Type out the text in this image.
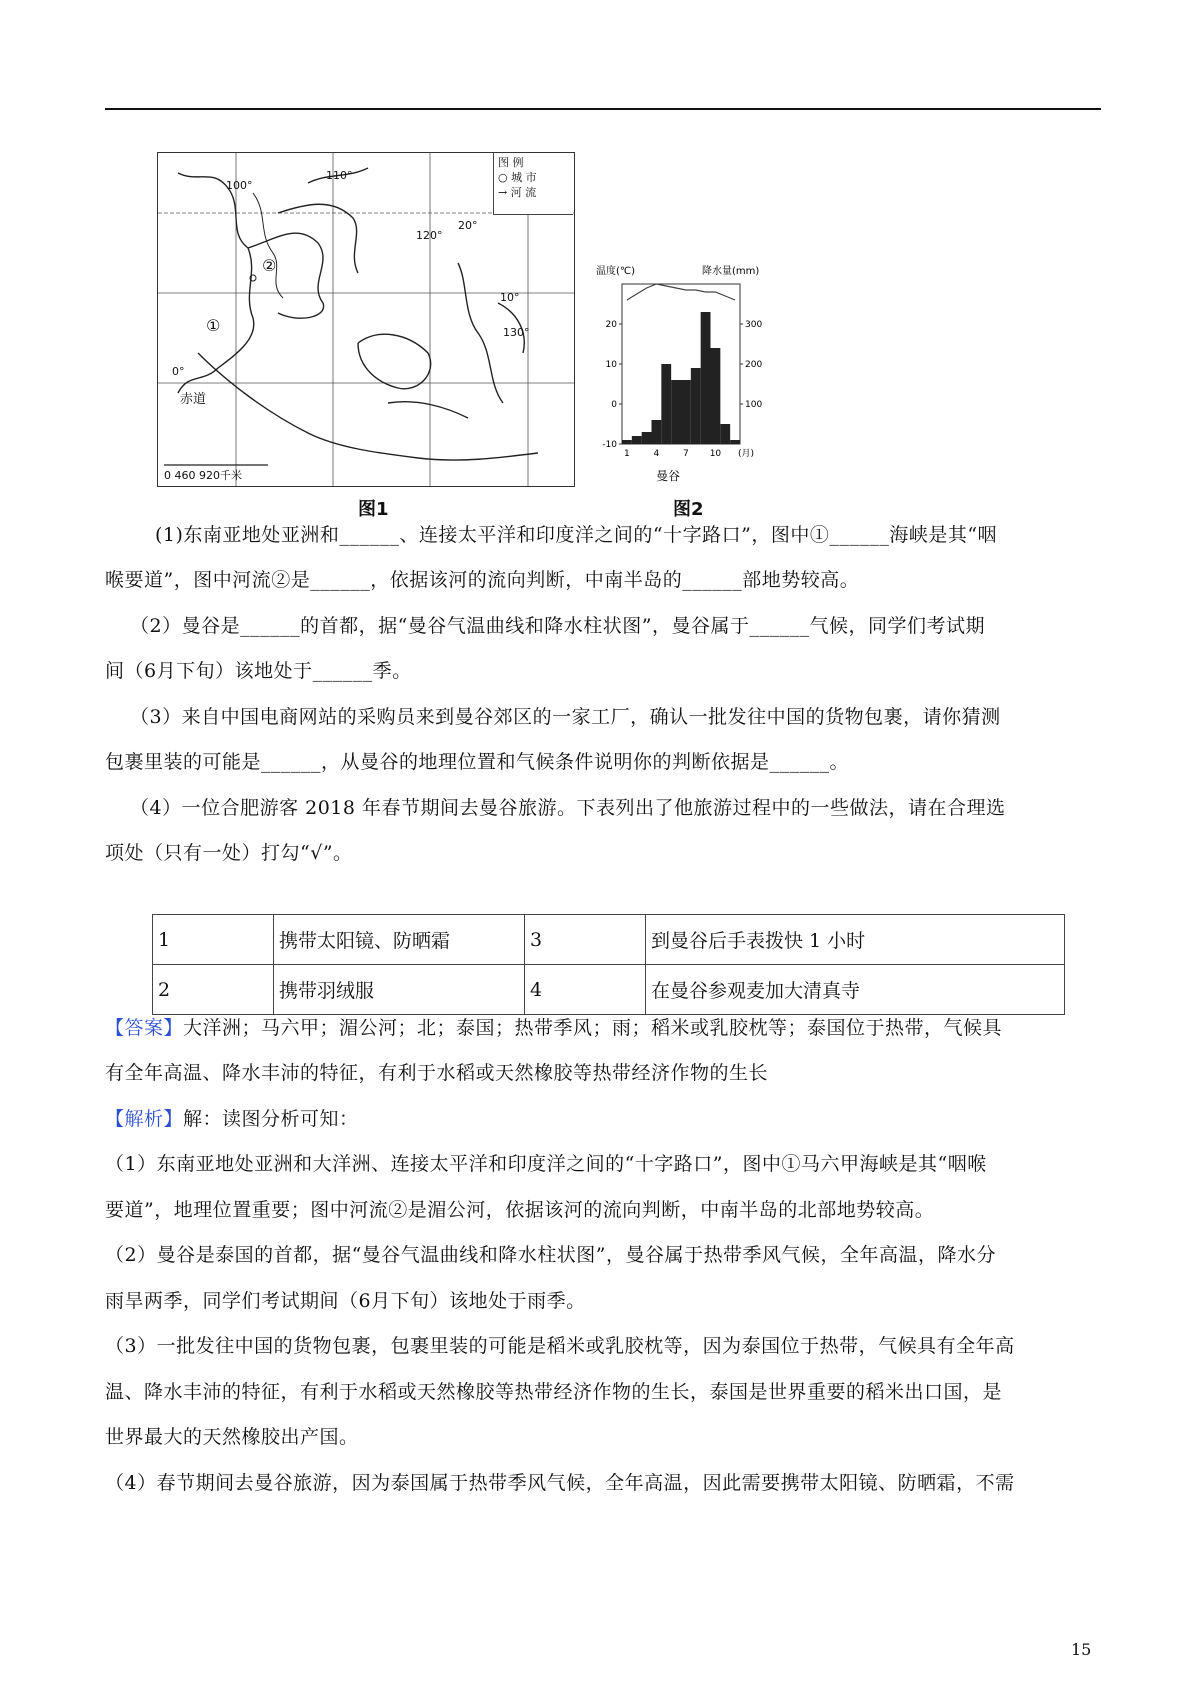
100°
110°
120°
130°
20°
10°
0°
赤道
0 460 920千米
①
②
图 例
○ 城 市
→ 河 流
图1
温度(℃)	降水量(mm)
曼谷
-10
0
10
20
100
200
300
1	4	7 10 (月)
图2
(1)东南亚地处亚洲和______、连接太平洋和印度洋之间的“十字路口”，图中①______海峡是其“咽
喉要道”，图中河流②是______，依据该河的流向判断，中南半岛的______部地势较高。
（2）曼谷是______的首都，据“曼谷气温曲线和降水柱状图”，曼谷属于______气候，同学们考试期
间（6月下旬）该地处于______季。
（3）来自中国电商网站的采购员来到曼谷郊区的一家工厂，确认一批发往中国的货物包裹，请你猜测
包裹里装的可能是______，从曼谷的地理位置和气候条件说明你的判断依据是______。
（4）一位合肥游客 2018 年春节期间去曼谷旅游。下表列出了他旅游过程中的一些做法，请在合理选
项处（只有一处）打勾“√”。
1	携带太阳镜、防晒霜	3	到曼谷后手表拨快 1 小时
2	携带羽绒服	4	在曼谷参观麦加大清真寺
【答案】大洋洲；马六甲；湄公河；北；泰国；热带季风；雨；稻米或乳胶枕等；泰国位于热带，气候具
有全年高温、降水丰沛的特征，有利于水稻或天然橡胶等热带经济作物的生长
【解析】解：读图分析可知：
（1）东南亚地处亚洲和大洋洲、连接太平洋和印度洋之间的“十字路口”，图中①马六甲海峡是其“咽喉
要道”，地理位置重要；图中河流②是湄公河，依据该河的流向判断，中南半岛的北部地势较高。
（2）曼谷是泰国的首都，据“曼谷气温曲线和降水柱状图”，曼谷属于热带季风气候，全年高温，降水分
雨旱两季，同学们考试期间（6月下旬）该地处于雨季。
（3）一批发往中国的货物包裹，包裹里装的可能是稻米或乳胶枕等，因为泰国位于热带，气候具有全年高
温、降水丰沛的特征，有利于水稻或天然橡胶等热带经济作物的生长，泰国是世界重要的稻米出口国，是
世界最大的天然橡胶出产国。
（4）春节期间去曼谷旅游，因为泰国属于热带季风气候，全年高温，因此需要携带太阳镜、防晒霜，不需
15
